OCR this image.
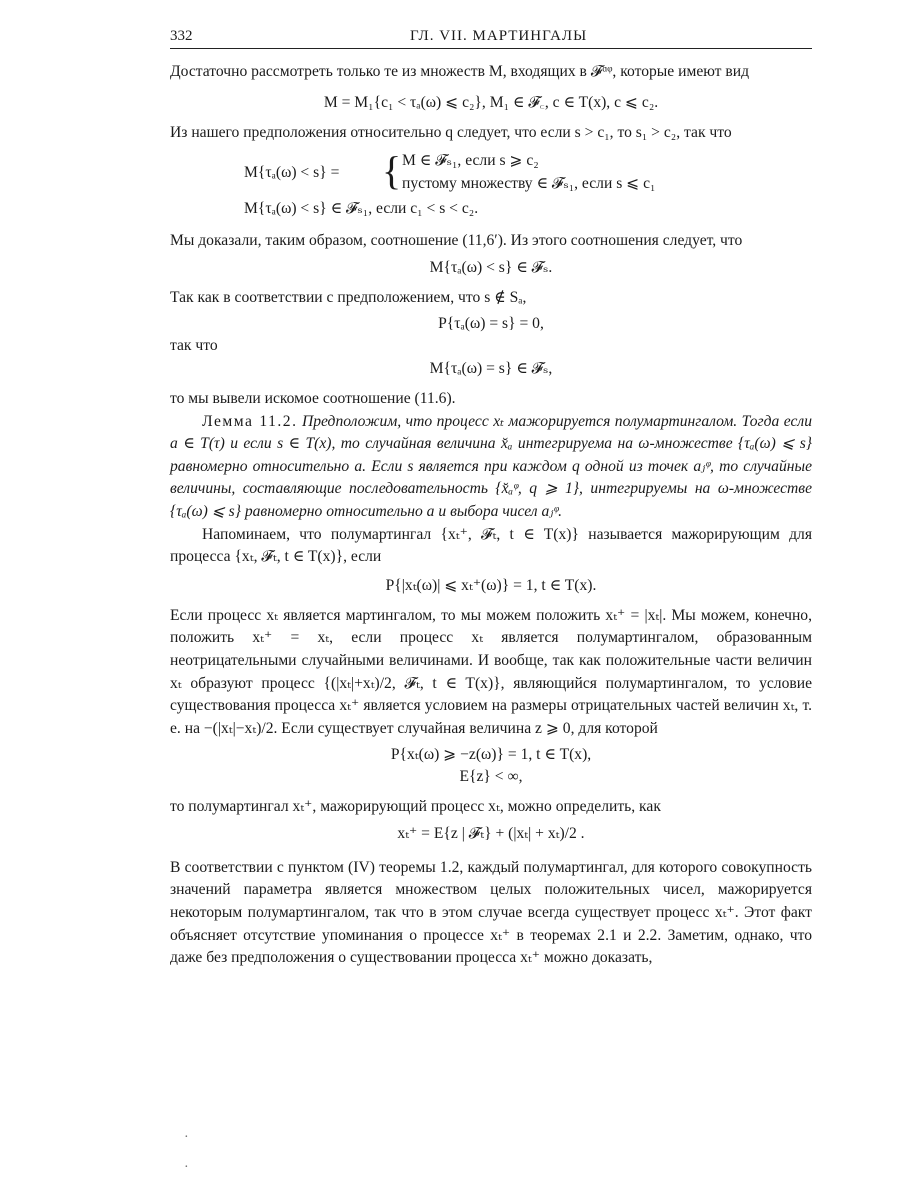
332	ГЛ. VII. МАРТИНГАЛЫ

Достаточно рассмотреть только те из множеств M, входящих в 𝓕ᵅᵠ, которые имеют вид

M = M₁{c₁ < τₐ(ω) ⩽ c₂}, M₁ ∈ 𝓕꜀, c ∈ T(x), c ⩽ c₂.

Из нашего предположения относительно q следует, что если s > c₁, то s₁ > c₂, так что

M{τₐ(ω) < s} = { M ∈ 𝓕ₛ₁, если s ⩾ c₂
пустому множеству ∈ 𝓕ₛ₁, если s ⩽ c₁
M{τₐ(ω) < s} ∈ 𝓕ₛ₁, если c₁ < s < c₂.

Мы доказали, таким образом, соотношение (11,6′). Из этого соотношения следует, что

M{τₐ(ω) < s} ∈ 𝓕ₛ.

Так как в соответствии с предположением, что s ∉ Sₐ,

P{τₐ(ω) = s} = 0,

так что

M{τₐ(ω) = s} ∈ 𝓕ₛ,

то мы вывели искомое соотношение (11.6).

Лемма 11.2. Предположим, что процесс xₜ мажорируется полумартингалом. Тогда если a ∈ T(τ) и если s ∈ T(x), то случайная величина x̆ₐ интегрируема на ω-множестве {τₐ(ω) ⩽ s} равномерно относительно a. Если s является при каждом q одной из точек aⱼᵠ, то случайные величины, составляющие последовательность {x̆ₐᵠ, q ⩾ 1}, интегрируемы на ω-множестве {τₐ(ω) ⩽ s} равномерно относительно a и выбора чисел aⱼᵠ.

Напоминаем, что полумартингал {xₜ⁺, 𝓕ₜ, t ∈ T(x)} называется мажорирующим для процесса {xₜ, 𝓕ₜ, t ∈ T(x)}, если

P{|xₜ(ω)| ⩽ xₜ⁺(ω)} = 1, t ∈ T(x).

Если процесс xₜ является мартингалом, то мы можем положить xₜ⁺ = |xₜ|. Мы можем, конечно, положить xₜ⁺ = xₜ, если процесс xₜ является полумартингалом, образованным неотрицательными случайными величинами. И вообще, так как положительные части величин xₜ образуют процесс {(|xₜ|+xₜ)/2, 𝓕ₜ, t ∈ T(x)}, являющийся полумартингалом, то условие существования процесса xₜ⁺ является условием на размеры отрицательных частей величин xₜ, т. е. на −(|xₜ|−xₜ)/2. Если существует случайная величина z ⩾ 0, для которой

P{xₜ(ω) ⩾ −z(ω)} = 1, t ∈ T(x),

E{z} < ∞,

то полумартингал xₜ⁺, мажорирующий процесс xₜ, можно определить, как

xₜ⁺ = E{z | 𝓕ₜ} + (|xₜ| + xₜ)/2 .

В соответствии с пунктом (IV) теоремы 1.2, каждый полумартингал, для которого совокупность значений параметра является множеством целых положительных чисел, мажорируется некоторым полумартингалом, так что в этом случае всегда существует процесс xₜ⁺. Этот факт объясняет отсутствие упоминания о процессе xₜ⁺ в теоремах 2.1 и 2.2. Заметим, однако, что даже без предположения о существовании процесса xₜ⁺ можно доказать,

·
·
